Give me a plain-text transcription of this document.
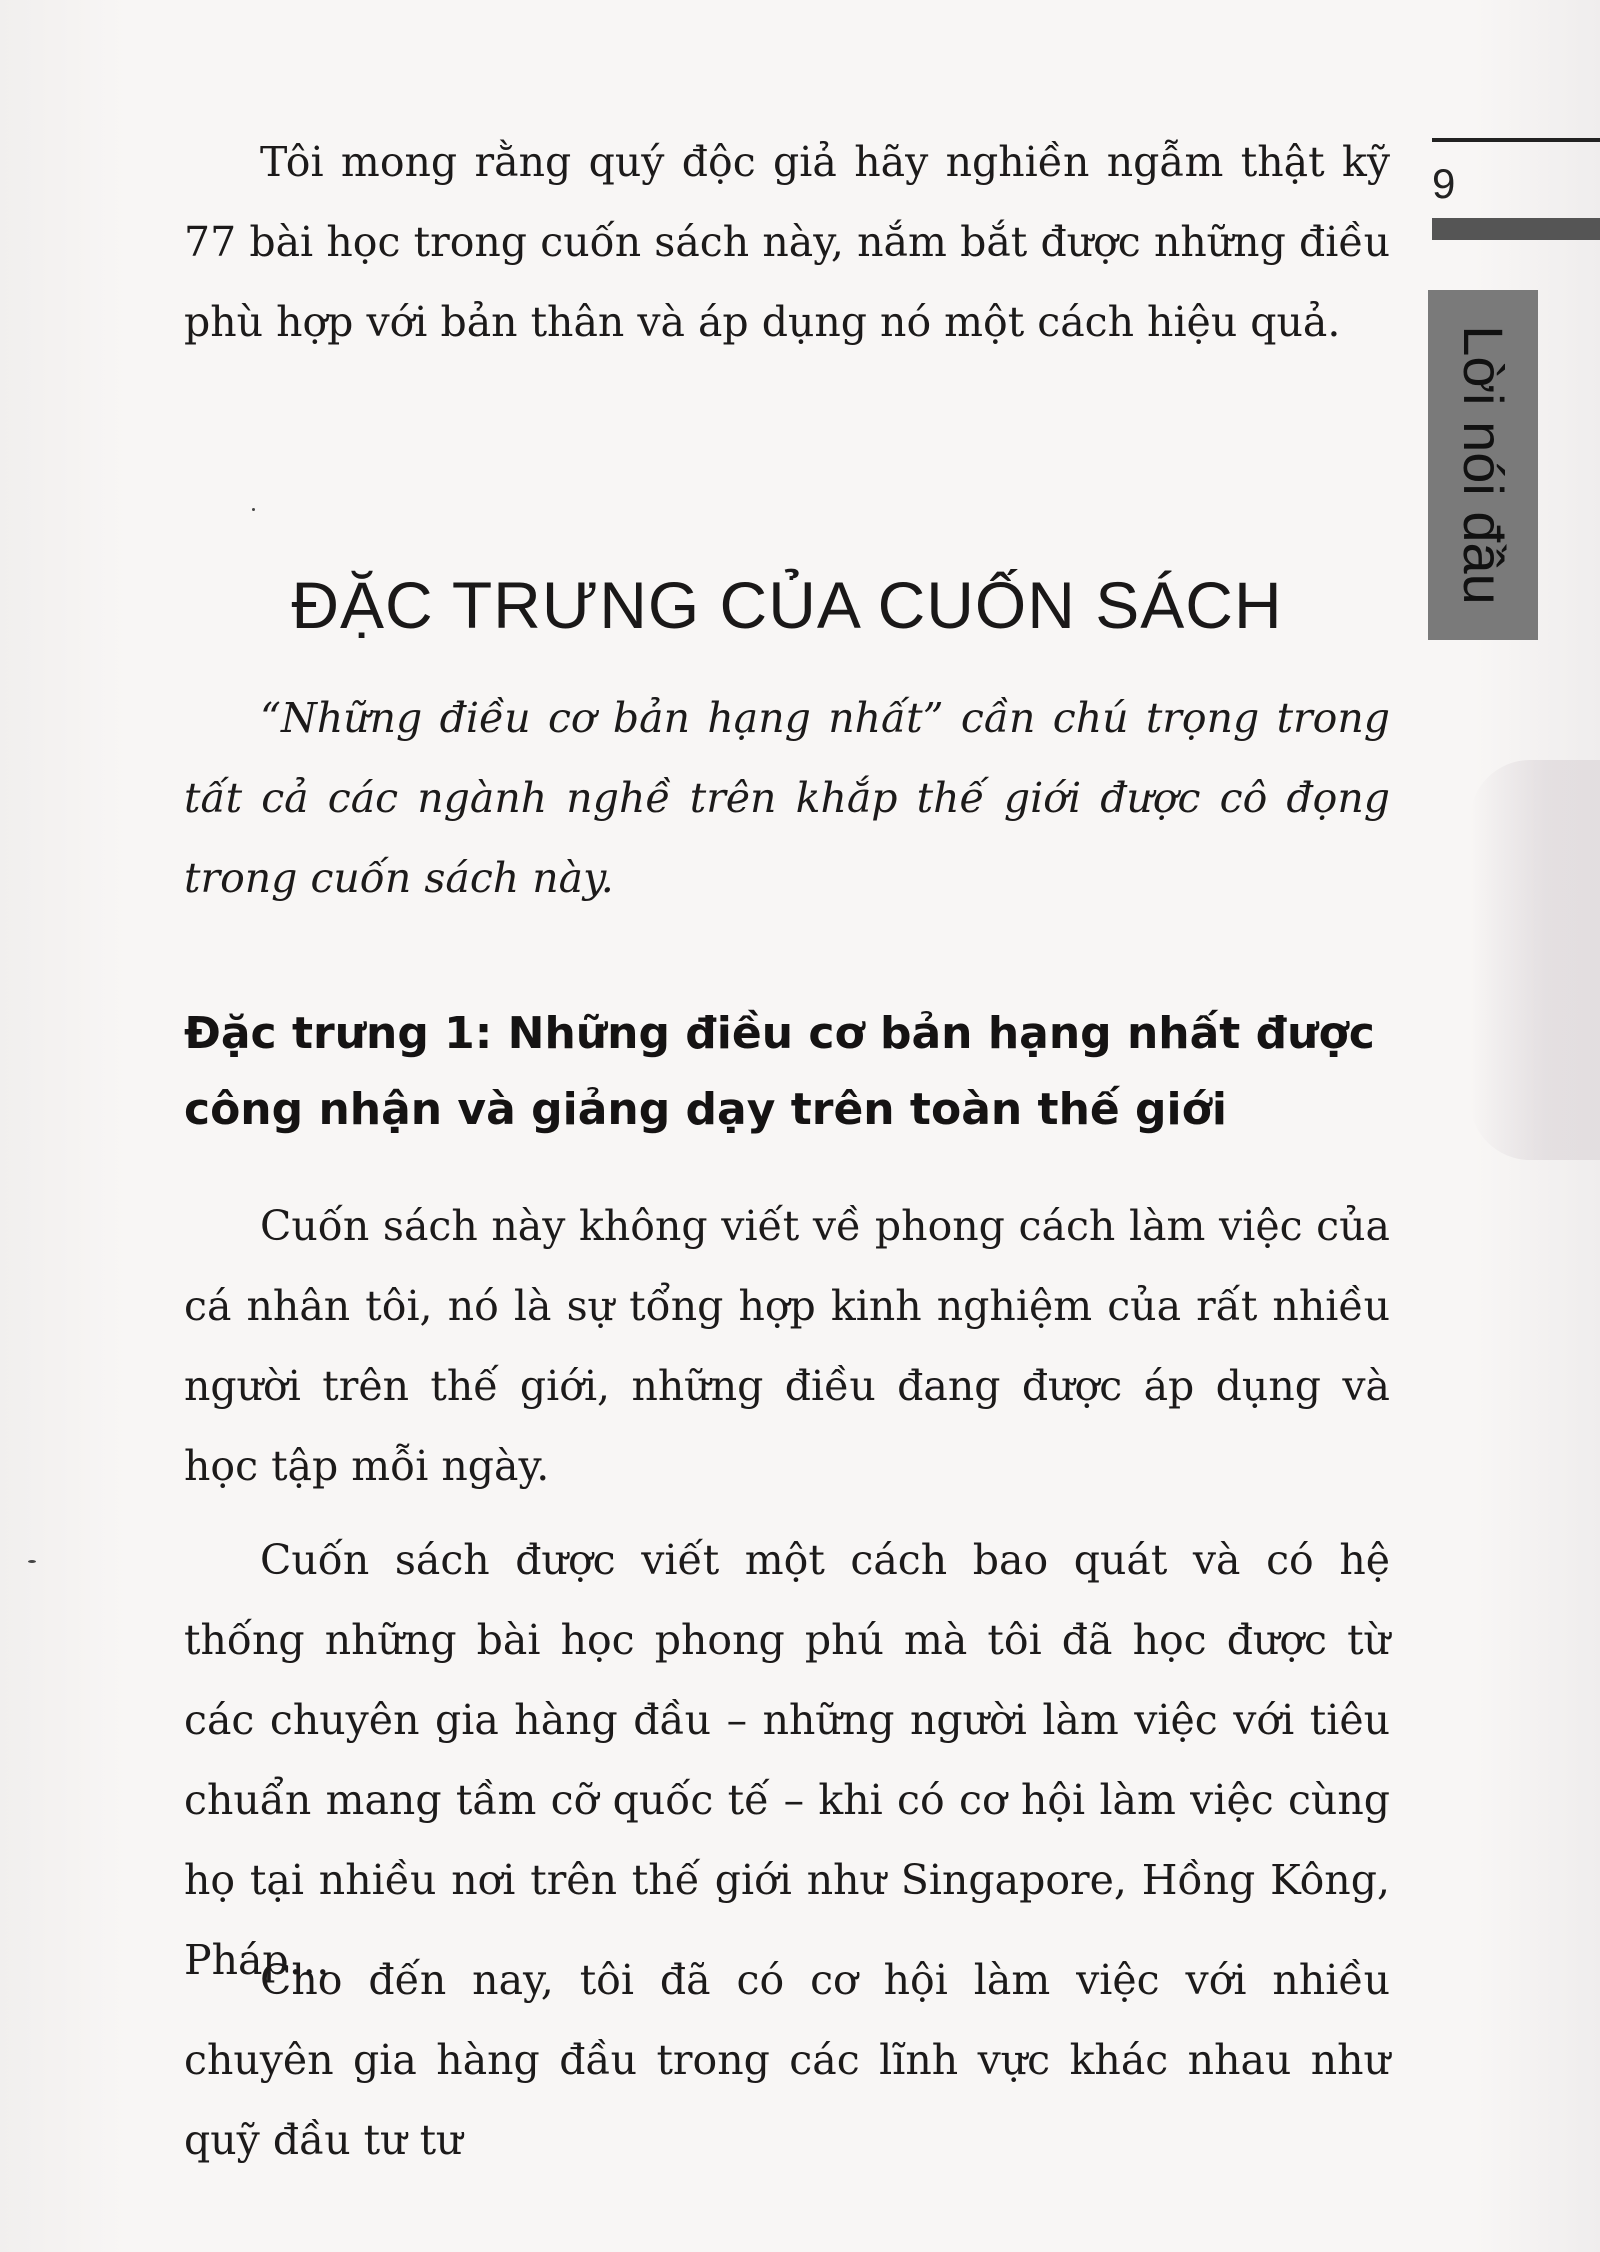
9
Lời nói đầu

Tôi mong rằng quý độc giả hãy nghiền ngẫm thật kỹ 77 bài học trong cuốn sách này, nắm bắt được những điều phù hợp với bản thân và áp dụng nó một cách hiệu quả.

ĐẶC TRƯNG CỦA CUỐN SÁCH

“Những điều cơ bản hạng nhất” cần chú trọng trong tất cả các ngành nghề trên khắp thế giới được cô đọng trong cuốn sách này.

Đặc trưng 1: Những điều cơ bản hạng nhất được công nhận và giảng dạy trên toàn thế giới

Cuốn sách này không viết về phong cách làm việc của cá nhân tôi, nó là sự tổng hợp kinh nghiệm của rất nhiều người trên thế giới, những điều đang được áp dụng và học tập mỗi ngày.

Cuốn sách được viết một cách bao quát và có hệ thống những bài học phong phú mà tôi đã học được từ các chuyên gia hàng đầu – những người làm việc với tiêu chuẩn mang tầm cỡ quốc tế – khi có cơ hội làm việc cùng họ tại nhiều nơi trên thế giới như Singapore, Hồng Kông, Pháp…

Cho đến nay, tôi đã có cơ hội làm việc với nhiều chuyên gia hàng đầu trong các lĩnh vực khác nhau như quỹ đầu tư tư
